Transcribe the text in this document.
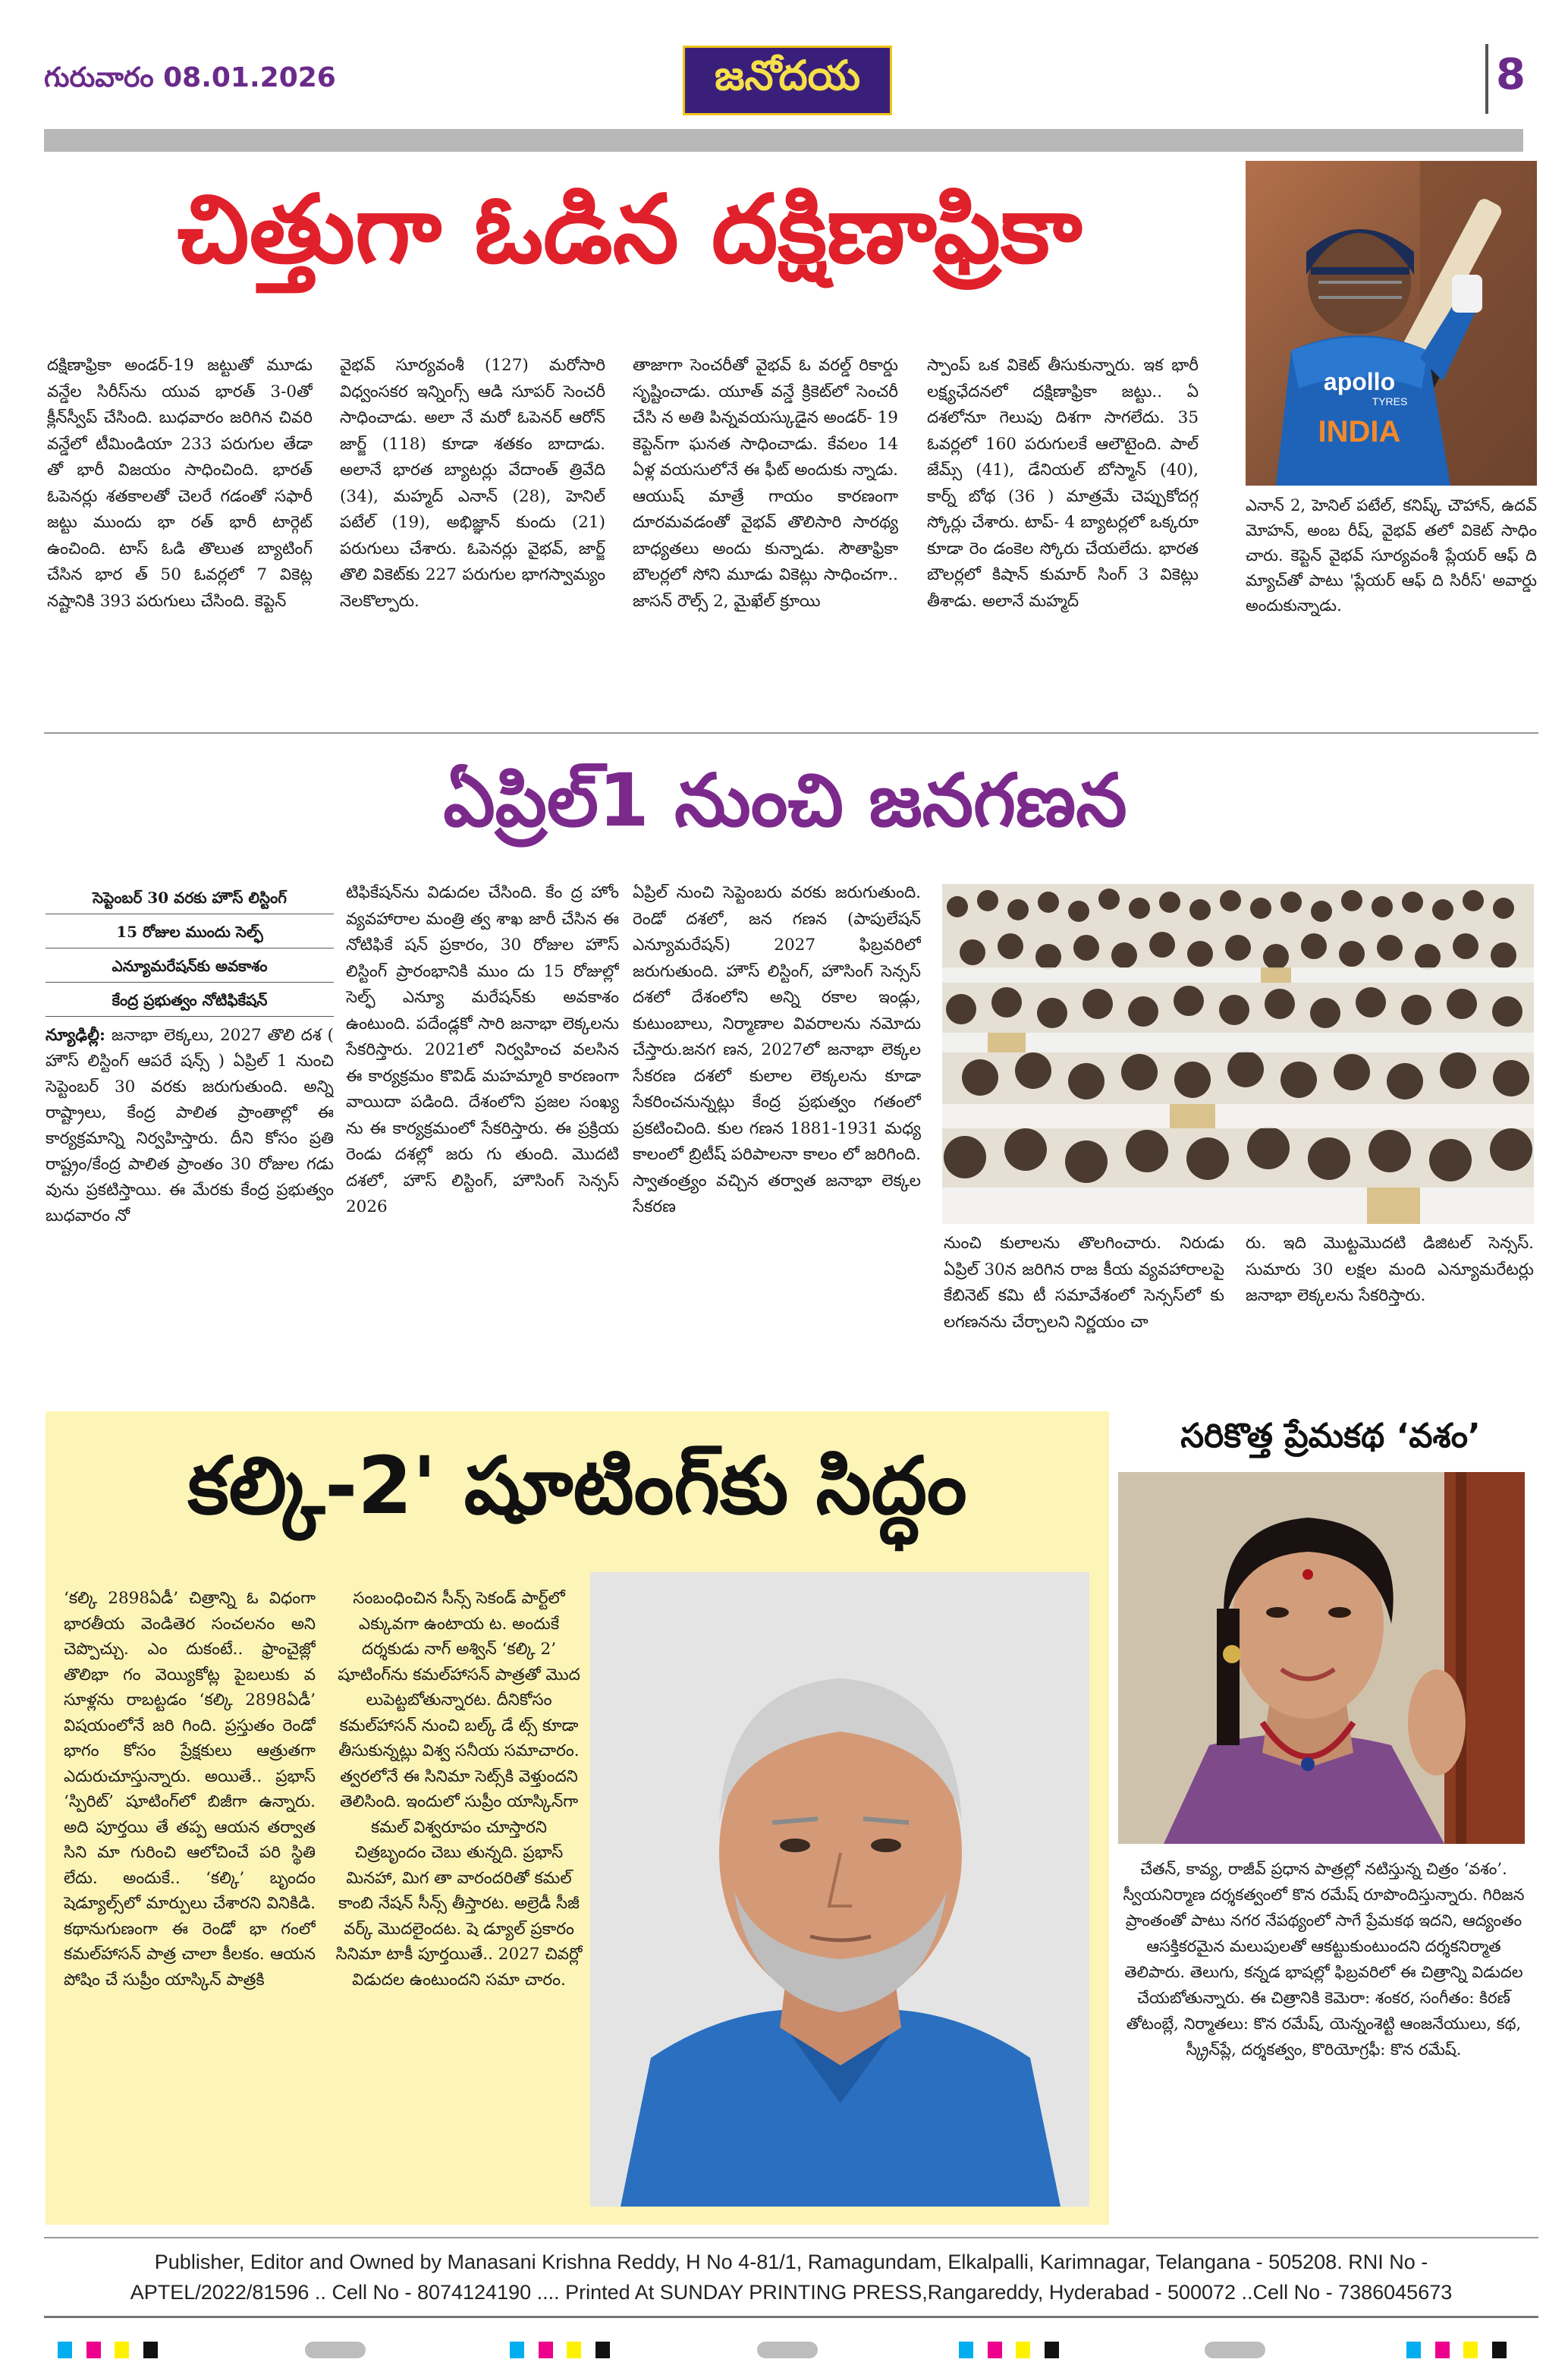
గురువారం 08.01.2026	జనోదయ	8
చిత్తుగా ఓడిన దక్షిణాఫ్రికా

దక్షిణాఫ్రికా అండర్-19 జట్టుతో మూడు వన్డేల సిరీస్‌ను యువ భారత్ 3-0తో క్లీన్‌స్వీప్ చేసింది. బుధవారం జరిగిన చివరి వన్డేలో టీమిండియా 233 పరుగుల తేడా తో భారీ విజయం సాధించింది. భారత్ ఓపెనర్లు శతకాలతో చెలరే గడంతో సఫారీ జట్టు ముందు భా రత్ భారీ టార్గెట్ ఉంచింది. టాస్ ఓడి తొలుత బ్యాటింగ్ చేసిన భార త్ 50 ఓవర్లలో 7 వికెట్ల నష్టానికి 393 పరుగులు చేసింది. కెప్టెన్

వైభవ్ సూర్యవంశీ (127) మరోసారి విధ్వంసకర ఇన్నింగ్స్ ఆడి సూపర్ సెంచరీ సాధించాడు. అలా నే మరో ఓపెనర్ ఆరోన్ జార్జ్ (118) కూడా శతకం బాదాడు. అలానే భారత బ్యాటర్లు వేదాంత్ త్రివేది (34), మహ్మద్ ఎనాన్ (28), హెనిల్ పటేల్ (19), అభిజ్ఞాన్ కుందు (21) పరుగులు చేశారు. ఓపెనర్లు వైభవ్, జార్జ్ తొలి వికెట్‌కు 227 పరుగుల భాగస్వామ్యం నెలకొల్పారు.

తాజాగా సెంచరీతో వైభవ్ ఓ వరల్డ్ రికార్డు సృష్టించాడు. యూత్ వన్డే క్రికెట్‌లో సెంచరీ చేసి న అతి పిన్నవయస్కుడైన అండర్- 19 కెప్టెన్‌గా ఘనత సాధించాడు. కేవలం 14 ఏళ్ల వయసులోనే ఈ ఫీట్ అందుకు న్నాడు. ఆయుష్ మాత్రే గాయం కారణంగా దూరమవడంతో వైభవ్ తొలిసారి సారథ్య బాధ్యతలు అందు కున్నాడు. సౌతాఫ్రికా బౌలర్లలో సోని మూడు వికెట్లు సాధించగా.. జాసన్ రౌల్స్ 2, మైఖేల్ క్రూయి

స్పాంప్ ఒక వికెట్ తీసుకున్నారు. ఇక భారీ లక్ష్యఛేదనలో దక్షిణాఫ్రికా జట్టు.. ఏ దశలోనూ గెలుపు దిశగా సాగలేదు. 35 ఓవర్లలో 160 పరుగులకే ఆలౌటైంది. పాల్ జేమ్స్ (41), డేనియల్ బోస్మాన్ (40), కార్న్ బోథ (36 ) మాత్రమే చెప్పుకోదగ్గ స్కోర్లు చేశారు. టాప్- 4 బ్యాటర్లలో ఒక్కరూ కూడా రెం డంకెల స్కోరు చేయలేదు. భారత బౌలర్లలో కిషాన్ కుమార్ సింగ్ 3 వికెట్లు తీశాడు. అలానే మహ్మద్

apollo
TYRES
INDIA
ఎనాన్ 2, హెనిల్ పటేల్, కనిష్క్ చౌహాన్, ఉదవ్ మోహన్, అంబ రీష్, వైభవ్ తలో వికెట్ సాధిం చారు. కెప్టెన్ వైభవ్ సూర్యవంశీ ప్లేయర్ ఆఫ్ ది మ్యాచ్‌తో పాటు 'ప్లేయర్ ఆఫ్ ది సిరీస్' అవార్డు అందుకున్నాడు.
ఏప్రిల్1 నుంచి జనగణన

సెప్టెంబర్ 30 వరకు హౌస్ లిస్టింగ్

15 రోజుల ముందు సెల్ఫ్

ఎన్యూమరేషన్‌కు అవకాశం

కేంద్ర ప్రభుత్వం నోటిఫికేషన్

న్యూఢిల్లీ: జనాభా లెక్కలు, 2027 తొలి దశ ( హౌస్ లిస్టింగ్ ఆపరే షన్స్ ) ఏప్రిల్ 1 నుంచి సెప్టెంబర్ 30 వరకు జరుగుతుంది. అన్ని రాష్ట్రాలు, కేంద్ర పాలిత ప్రాంతాల్లో ఈ కార్యక్రమాన్ని నిర్వహిస్తారు. దీని కోసం ప్రతి రాష్ట్రం/కేంద్ర పాలిత ప్రాంతం 30 రోజుల గడు వును ప్రకటిస్తాయి. ఈ మేరకు కేంద్ర ప్రభుత్వం బుధవారం నో

టిఫికేషన్‌ను విడుదల చేసింది. కేం ద్ర హోం వ్యవహారాల మంత్రి త్వ శాఖ జారీ చేసిన ఈ నోటిఫికే షన్ ప్రకారం, 30 రోజుల హౌస్ లిస్టింగ్ ప్రారంభానికి ముం దు 15 రోజుల్లో సెల్ఫ్ ఎన్యూ మరేషన్‌కు అవకాశం ఉంటుంది. పదేండ్లకో సారి జనాభా లెక్కలను సేకరిస్తారు. 2021లో నిర్వహించ వలసిన ఈ కార్యక్రమం కొవిడ్ మహమ్మారి కారణంగా వాయిదా పడింది. దేశంలోని ప్రజల సంఖ్య ను ఈ కార్యక్రమంలో సేకరిస్తారు. ఈ ప్రక్రియ రెండు దశల్లో జరు గు తుంది. మొదటి దశలో, హౌస్ లిస్టింగ్, హౌసింగ్ సెన్సస్ 2026

ఏప్రిల్ నుంచి సెప్టెంబరు వరకు జరుగుతుంది. రెండో దశలో, జన గణన (పాపులేషన్ ఎన్యూమరేషన్) 2027 ఫిబ్రవరిలో జరుగుతుంది. హౌస్ లిస్టింగ్, హౌసింగ్ సెన్సస్ దశలో దేశంలోని అన్ని రకాల ఇండ్లు, కుటుంబాలు, నిర్మాణాల వివరాలను నమోదు చేస్తారు.జనగ ణన, 2027లో జనాభా లెక్కల సేకరణ దశలో కులాల లెక్కలను కూడా సేకరించనున్నట్లు కేంద్ర ప్రభుత్వం గతంలో ప్రకటించింది. కుల గణన 1881-1931 మధ్య కాలంలో బ్రిటీష్ పరిపాలనా కాలం లో జరిగింది. స్వాతంత్ర్యం వచ్చిన తర్వాత జనాభా లెక్కల సేకరణ

నుంచి కులాలను తొలగించారు. నిరుడు ఏప్రిల్ 30న జరిగిన రాజ కీయ వ్యవహారాలపై కేబినెట్ కమి టీ సమావేశంలో సెన్సస్‌లో కు లగణనను చేర్చాలని నిర్ణయం చా

రు. ఇది మొట్టమొదటి డిజిటల్ సెన్సస్. సుమారు 30 లక్షల మంది ఎన్యూమరేటర్లు జనాభా లెక్కలను సేకరిస్తారు.

కల్కి-2' షూటింగ్‌కు సిద్ధం

‘కల్కి 2898ఏడీ’ చిత్రాన్ని ఓ విధంగా భారతీయ వెండితెర సంచలనం అని చెప్పొచ్చు. ఎం దుకంటే.. ఫ్రాంచైజ్లో తొలిభా గం వెయ్యికోట్ల పైబలుకు వ సూళ్లను రాబట్టడం ‘కల్కి 2898ఏడీ’ విషయంలోనే జరి గింది. ప్రస్తుతం రెండో భాగం కోసం ప్రేక్షకులు ఆత్రుతగా ఎదురుచూస్తున్నారు. అయితే.. ప్రభాస్ ‘స్పిరిట్’ షూటింగ్‌లో బిజీగా ఉన్నారు. అది పూర్తయి తే తప్ప ఆయన తర్వాత సిని మా గురించి ఆలోచించే పరి స్థితి లేదు. అందుకే.. ‘కల్కి’ బృందం షెడ్యూల్స్‌లో మార్పులు చేశారని వినికిడి. కథానుగుణంగా ఈ రెండో భా గంలో కమల్‌హాసన్ పాత్ర చాలా కీలకం. ఆయన పోషిం చే సుప్రీం యాస్కిన్ పాత్రకి

సంబంధించిన సీన్స్ సెకండ్ పార్ట్‌లో ఎక్కువగా ఉంటాయ ట. అందుకే దర్శకుడు నాగ్ అశ్విన్ ‘కల్కి 2’ షూటింగ్‌ను కమల్‌హాసన్ పాత్రతో మొద లుపెట్టబోతున్నారట. దీనికోసం కమల్‌హాసన్ నుంచి బల్క్ డే ట్స్ కూడా తీసుకున్నట్లు విశ్వ సనీయ సమాచారం. త్వరలోనే ఈ సినిమా సెట్స్‌కి వెళ్తుందని తెలిసింది. ఇందులో సుప్రీం యాస్కిన్‌గా కమల్ విశ్వరూపం చూస్తారని చిత్రబృందం చెబు తున్నది. ప్రభాస్ మినహా, మిగ తా వారందరితో కమల్ కాంబి నేషన్ సీన్స్ తీస్తారట. అల్రెడీ సీజీ వర్క్ మొదలైందట. షె డ్యూల్ ప్రకారం సినిమా టాకీ పూర్తయితే.. 2027 చివర్లో విడుదల ఉంటుందని సమా చారం.

సరికొత్త ప్రేమకథ ‘వశం’
చేతన్, కావ్య, రాజీవ్ ప్రధాన పాత్రల్లో నటిస్తున్న చిత్రం ‘వశం’. స్వీయనిర్మాణ దర్శకత్వంలో కొన రమేష్ రూపొందిస్తున్నారు. గిరిజన ప్రాంతంతో పాటు నగర నేపథ్యంలో సాగే ప్రేమకథ ఇదని, ఆద్యంతం ఆసక్తికరమైన మలుపులతో ఆకట్టుకుంటుందని దర్శకనిర్మాత తెలిపారు. తెలుగు, కన్నడ భాషల్లో ఫిబ్రవరిలో ఈ చిత్రాన్ని విడుదల చేయబోతున్నారు. ఈ చిత్రానికి కెమెరా: శంకర, సంగీతం: కిరణ్ తోటంబ్లే, నిర్మాతలు: కొన రమేష్, యెన్నంశెట్టి ఆంజనేయులు, కథ, స్క్రీన్‌ప్లే, దర్శకత్వం, కొరియోగ్రఫీ: కొన రమేష్.
Publisher, Editor and Owned by Manasani Krishna Reddy, H No 4-81/1, Ramagundam, Elkalpalli, Karimnagar, Telangana - 505208. RNI No -
APTEL/2022/81596 .. Cell No - 8074124190 .... Printed At SUNDAY PRINTING PRESS,Rangareddy, Hyderabad - 500072 ..Cell No - 7386045673
